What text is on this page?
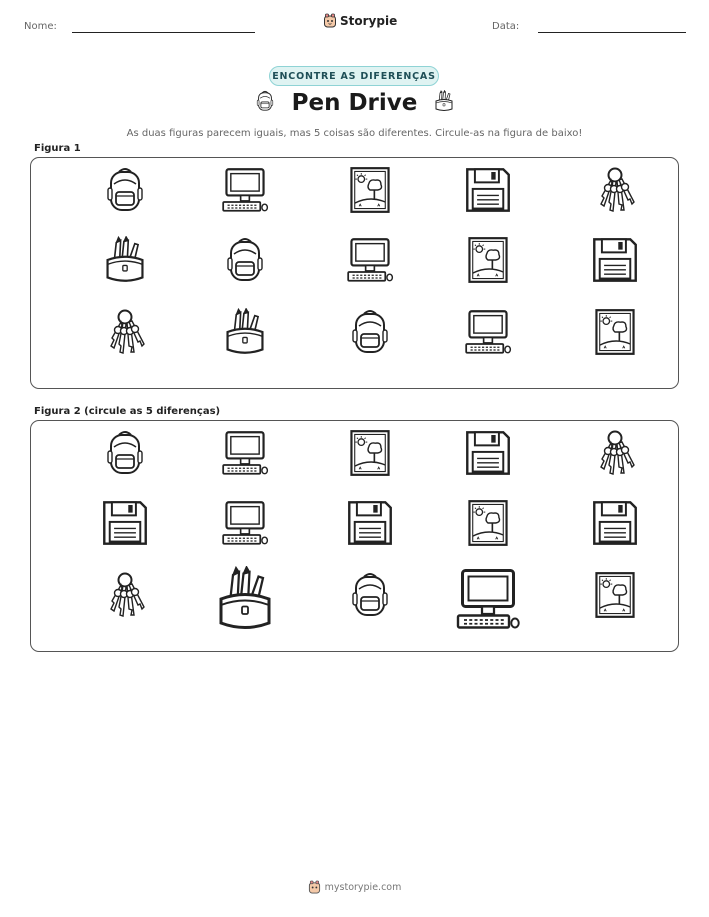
Nome:	Storypie	Data:
ENCONTRE AS DIFERENÇAS
Pen Drive
As duas figuras parecem iguais, mas 5 coisas são diferentes. Circule-as na figura de baixo!
Figura 1
Figura 2 (circule as 5 diferenças)
mystorypie.com
